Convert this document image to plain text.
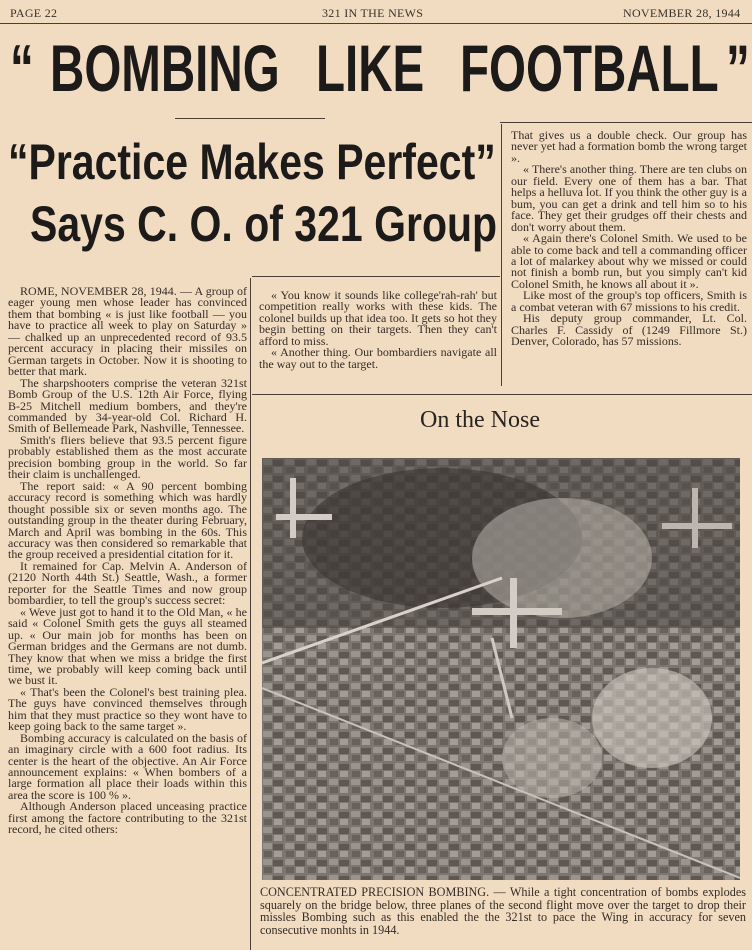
PAGE 22	321 IN THE NEWS	NOVEMBER 28, 1944
“ BOMBING LIKE FOOTBALL ”
“Practice Makes Perfect”
Says C. O. of 321 Group

ROME, NOVEMBER 28, 1944. — A group of eager young men whose leader has convinced them that bombing « is just like football — you have to practice all week to play on Saturday » — chalked up an unprecedented record of 93.5 percent accuracy in placing their missiles on German targets in October. Now it is shooting to better that mark.

The sharpshooters comprise the veteran 321st Bomb Group of the U.S. 12th Air Force, flying B-25 Mitchell medium bombers, and they're commanded by 34-year-old Col. Richard H. Smith of Bellemeade Park, Nashville, Tennessee.

Smith's fliers believe that 93.5 percent figure probably established them as the most accurate precision bombing group in the world. So far their claim is unchallenged.

The report said: « A 90 percent bombing accuracy record is something which was hardly thought possible six or seven months ago. The outstanding group in the theater during February, March and April was bombing in the 60s. This accuracy was then considered so remarkable that the group received a presidential citation for it.

It remained for Cap. Melvin A. Anderson of (2120 North 44th St.) Seattle, Wash., a former reporter for the Seattle Times and now group bombardier, to tell the group's success secret:

« Weve just got to hand it to the Old Man, « he said « Colonel Smith gets the guys all steamed up. « Our main job for months has been on German bridges and the Germans are not dumb. They know that when we miss a bridge the first time, we probably will keep coming back until we bust it.

« That's been the Colonel's best training plea. The guys have convinced themselves through him that they must practice so they wont have to keep going back to the same target ».

Bombing accuracy is calculated on the basis of an imaginary circle with a 600 foot radius. Its center is the heart of the objective. An Air Force announcement explains: « When bombers of a large formation all place their loads within this area the score is 100 % ».

Although Anderson placed unceasing practice first among the factore contributing to the 321st record, he cited others:

« You know it sounds like college'rah-rah' but competition really works with these kids. The colonel builds up that idea too. It gets so hot they begin betting on their targets. Then they can't afford to miss.

« Another thing. Our bombardiers navigate all the way out to the target.

That gives us a double check. Our group has never yet had a formation bomb the wrong target ».

« There's another thing. There are ten clubs on our field. Every one of them has a bar. That helps a helluva lot. If you think the other guy is a bum, you can get a drink and tell him so to his face. They get their grudges off their chests and don't worry about them.

« Again there's Colonel Smith. We used to be able to come back and tell a commanding officer a lot of malarkey about why we missed or could not finish a bomb run, but you simply can't kid Colonel Smith, he knows all about it ».

Like most of the group's top officers, Smith is a combat veteran with 67 missions to his credit.

His deputy group commander, Lt. Col. Charles F. Cassidy of (1249 Fillmore St.) Denver, Colorado, has 57 missions.

On the Nose
CONCENTRATED PRECISION BOMBING. — While a tight concentration of bombs explodes squarely on the bridge below, three planes of the second flight move over the target to drop their missles Bombing such as this enabled the the 321st to pace the Wing in accuracy for seven consecutive monhts in 1944.
